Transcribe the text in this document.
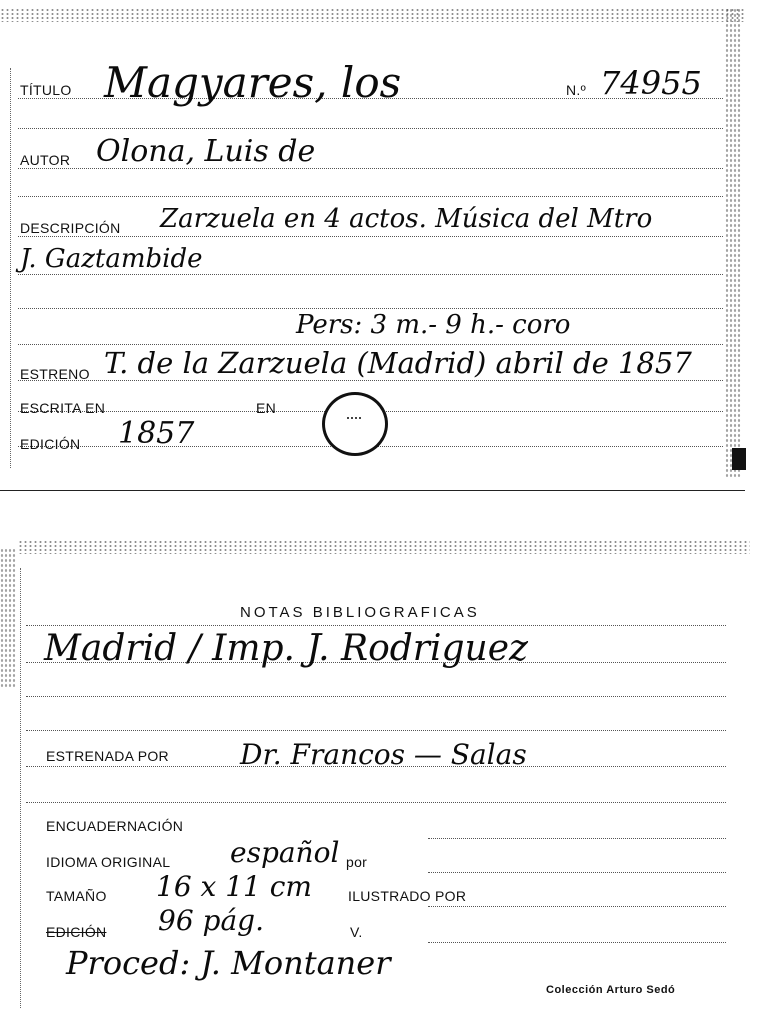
TÍTULO Magyares, los	N.º 74955
AUTOR Olona, Luis de
DESCRIPCIÓN Zarzuela en 4 actos. Música del Mtro
J. Gaztambide
Pers: 3 m.- 9 h.- coro
ESTRENO T. de la Zarzuela (Madrid) abril de 1857
ESCRITA EN	EN
EDICIÓN 1857
NOTAS BIBLIOGRAFICAS
Madrid / Imp. J. Rodriguez
ESTRENADA POR	Dr. Francos — Salas
ENCUADERNACIÓN
IDIOMA ORIGINAL español por
TAMAÑO 16 x 11 cm	ILUSTRADO POR
EDICIÓN 96 pág.	V.
Proced: J. Montaner
Colección Arturo Sedó
